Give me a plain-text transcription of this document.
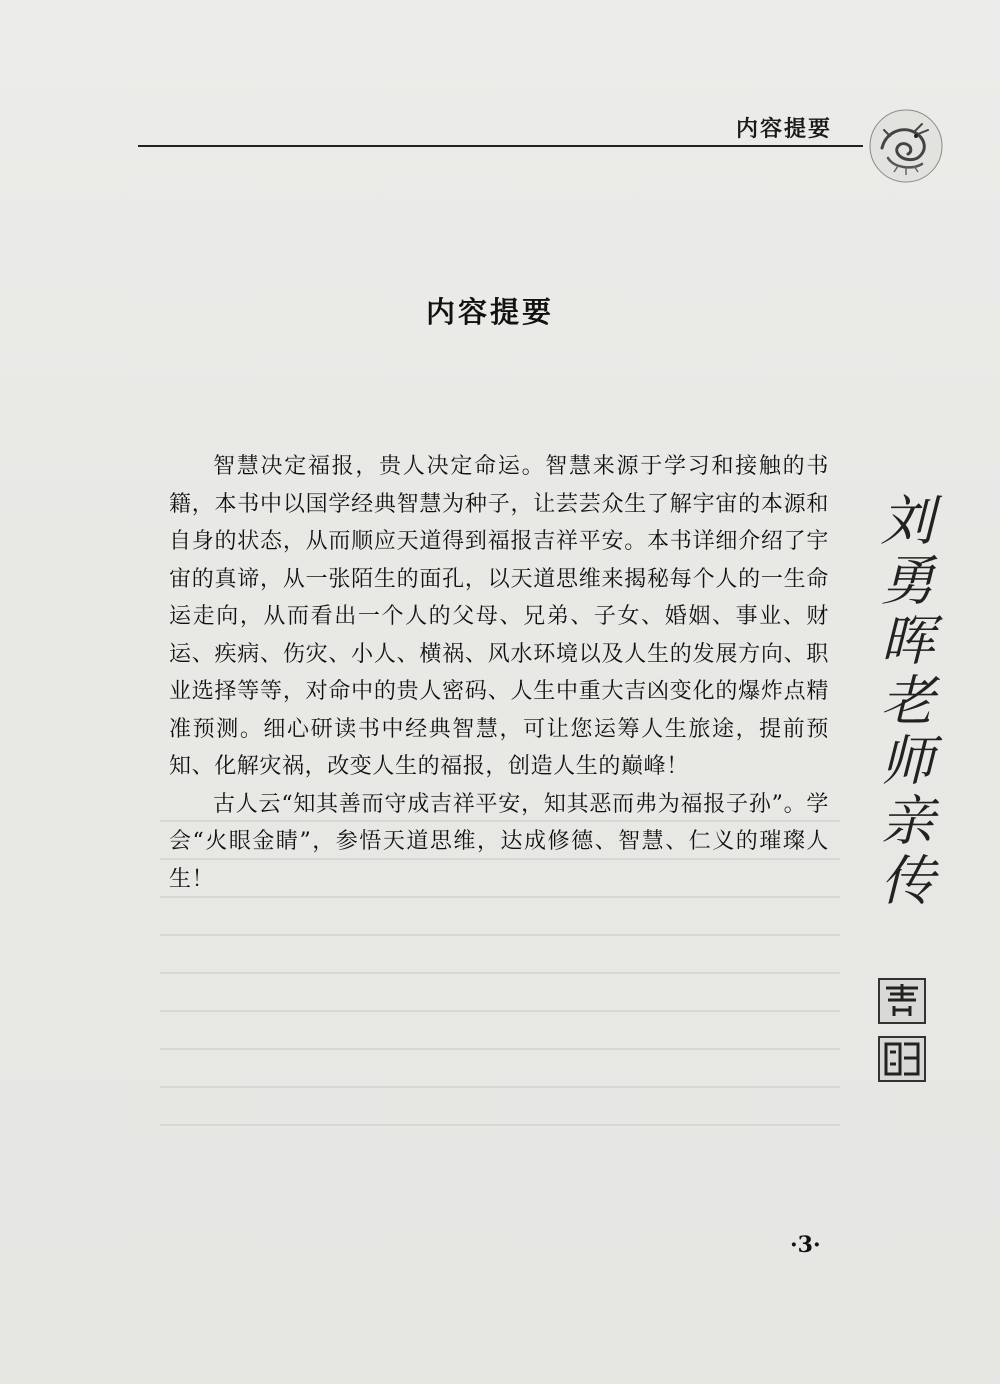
内容提要
内容提要

智慧决定福报，贵人决定命运。智慧来源于学习和接触的书籍，本书中以国学经典智慧为种子，让芸芸众生了解宇宙的本源和自身的状态，从而顺应天道得到福报吉祥平安。本书详细介绍了宇宙的真谛，从一张陌生的面孔，以天道思维来揭秘每个人的一生命运走向，从而看出一个人的父母、兄弟、子女、婚姻、事业、财运、疾病、伤灾、小人、横祸、风水环境以及人生的发展方向、职业选择等等，对命中的贵人密码、人生中重大吉凶变化的爆炸点精准预测。细心研读书中经典智慧，可让您运筹人生旅途，提前预知、化解灾祸，改变人生的福报，创造人生的巅峰！

古人云“知其善而守成吉祥平安，知其恶而弗为福报子孙”。学会“火眼金睛”，参悟天道思维，达成修德、智慧、仁义的璀璨人生！	刘勇晖老师亲传
·3·
